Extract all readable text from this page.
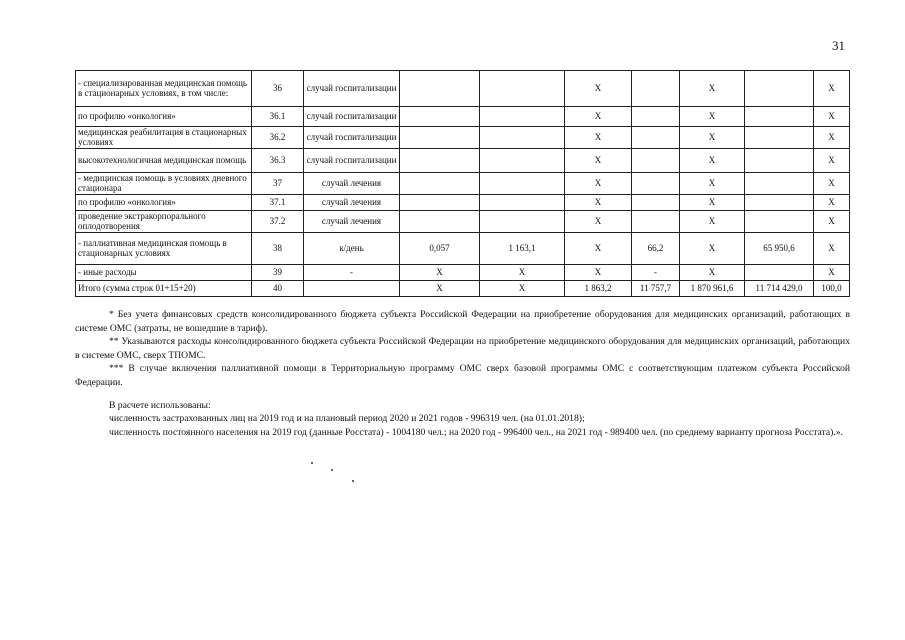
31
- специализированная медицинская помощь в стационарных условиях, в том числе:	36	случай госпитализации			X		X		X
по профилю «онкология»	36.1	случай госпитализации			X		X		X
медицинская реабилитация в стационарных условиях	36.2	случай госпитализации			X		X		X
высокотехнологичная медицинская помощь	36.3	случай госпитализации			X		X		X
- медицинская помощь в условиях дневного стационара	37	случай лечения			X		X		X
по профилю «онкология»	37.1	случай лечения			X		X		X
проведение экстракорпорального оплодотворения	37.2	случай лечения			X		X		X
- паллиативная медицинская помощь в стационарных условиях	38	к/день	0,057	1 163,1	X	66,2	X	65 950,6	X
- иные расходы	39	-	X	X	X	-	X		X
Итого (сумма строк 01+15+20)	40		X	X	1 863,2	11 757,7	1 870 961,6	11 714 429,0	100,0

* Без учета финансовых средств консолидированного бюджета субъекта Российской Федерации на приобретение оборудования для медицинских организаций, работающих в системе ОМС (затраты, не вошедшие в тариф).

** Указываются расходы консолидированного бюджета субъекта Российской Федерации на приобретение медицинского оборудования для медицинских организаций, работающих в системе ОМС, сверх ТПОМС.

*** В случае включения паллиативной помощи в Территориальную программу ОМС сверх базовой программы ОМС с соответствующим платежом субъекта Российской Федерации.

В расчете использованы:

численность застрахованных лиц на 2019 год и на плановый период 2020 и 2021 годов - 996319 чел. (на 01.01.2018);

численность постоянного населения на 2019 год (данные Росстата) - 1004180 чел.; на 2020 год - 996400 чел., на 2021 год - 989400 чел. (по среднему варианту прогноза Росстата).».
